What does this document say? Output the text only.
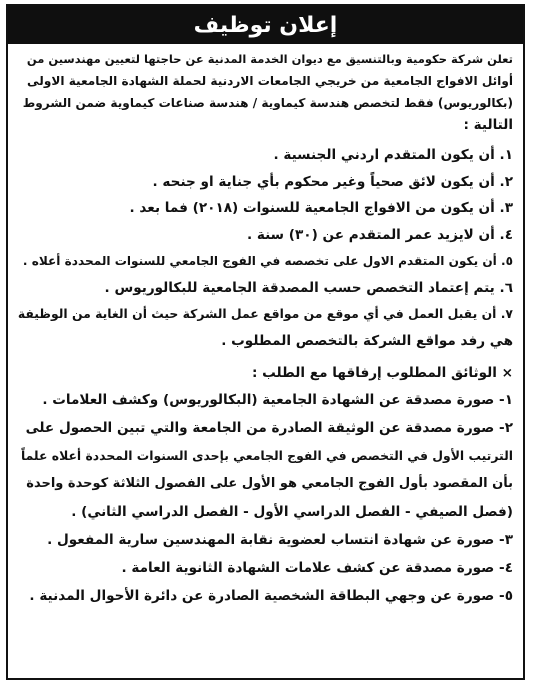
إعلان توظيف
تعلن شركة حكومية وبالتنسيق مع ديوان الخدمة المدنية عن حاجتها لتعيين مهندسين من
أوائل الافواج الجامعية من خريجي الجامعات الاردنية لحملة الشهادة الجامعية الاولى
(بكالوريوس) فقط لتخصص هندسة كيماوية / هندسة صناعات كيماوية ضمن الشروط
التالية :
١. أن يكون المتقدم اردني الجنسية .
٢. أن يكون لائق صحياً وغير محكوم بأي جناية او جنحه .
٣. أن يكون من الافواج الجامعية للسنوات (٢٠١٨) فما بعد .
٤. أن لايزيد عمر المتقدم عن (٣٠) سنة .
٥. أن يكون المتقدم الاول على تخصصه في الفوج الجامعي للسنوات المحددة أعلاه .
٦. يتم إعتماد التخصص حسب المصدقة الجامعية للبكالوريوس .
٧. أن يقبل العمل في أي موقع من مواقع عمل الشركة حيث أن الغاية من الوظيفة
هي رفد مواقع الشركة بالتخصص المطلوب .
× الوثائق المطلوب إرفاقها مع الطلب :
١- صورة مصدقة عن الشهادة الجامعية (البكالوريوس) وكشف العلامات .
٢- صورة مصدقة عن الوثيقة الصادرة من الجامعة والتي تبين الحصول على
الترتيب الأول في التخصص في الفوج الجامعي بإحدى السنوات المحددة أعلاه علماً
بأن المقصود بأول الفوج الجامعي هو الأول على الفصول الثلاثة كوحدة واحدة
(فصل الصيفي - الفصل الدراسي الأول - الفصل الدراسي الثاني) .
٣- صورة عن شهادة انتساب لعضوية نقابة المهندسين سارية المفعول .
٤- صورة مصدقة عن كشف علامات الشهادة الثانوية العامة .
٥- صورة عن وجهي البطاقة الشخصية الصادرة عن دائرة الأحوال المدنية .
